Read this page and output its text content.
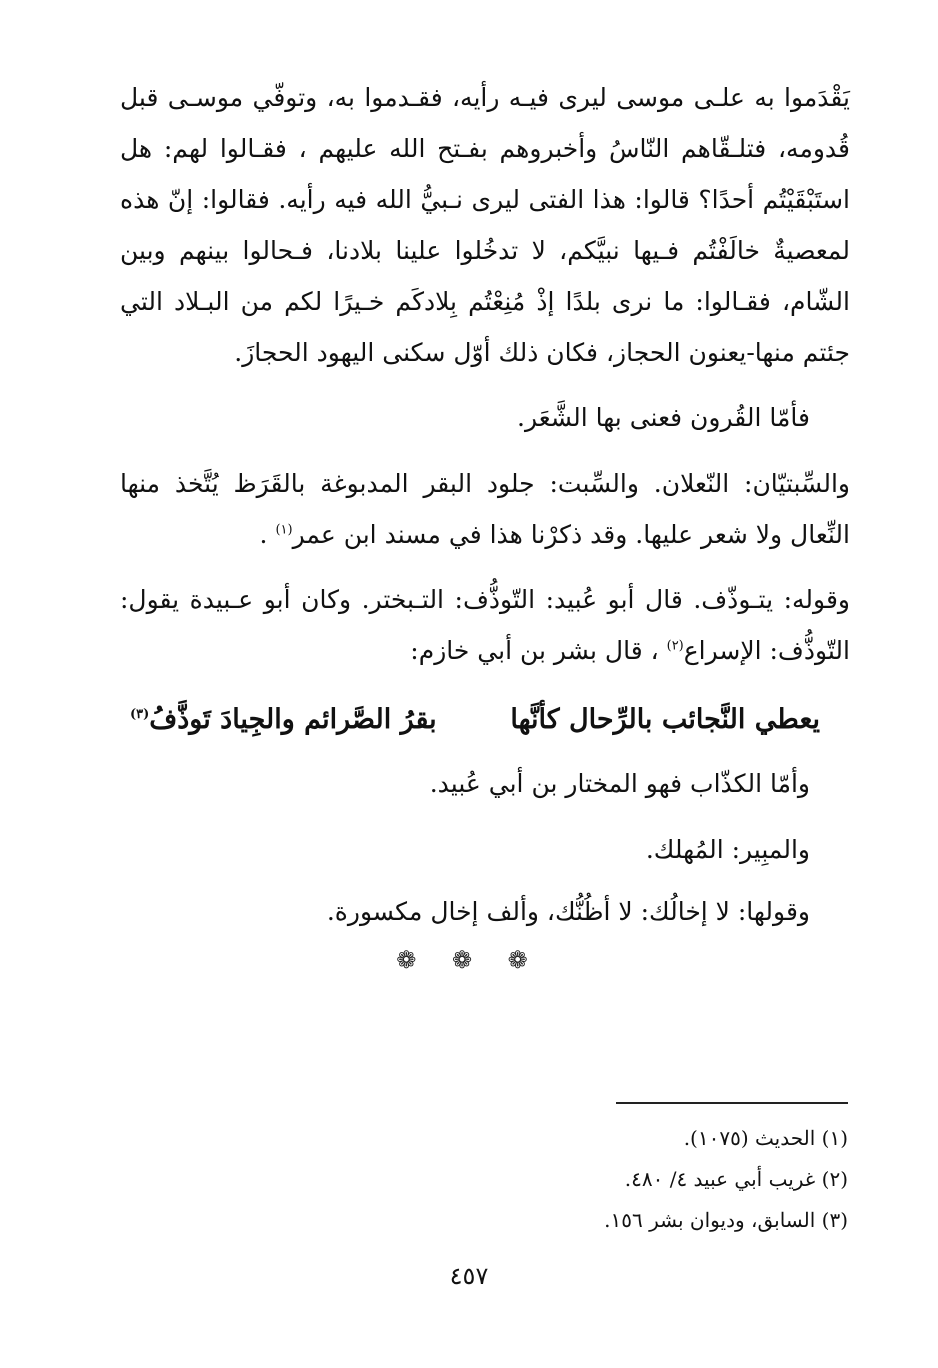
يَقْدَموا به علـى موسى ليرى فيـه رأيه، فقـدموا به، وتوفّي موسـى قبل قُدومه، فتلـقّاهم النّاسُ وأخبروهم بفـتح الله عليهم ، فقـالوا لهم: هل استَبْقَيْتُم أحدًا؟ قالوا: هذا الفتى ليرى نـبيُّ الله فيه رأيه. فقالوا: إنّ هذه لمعصيةٌ خالَفْتُم فـيها نبيَّكم، لا تدخُلوا علينا بلادنا، فـحالوا بينهم وبين الشّام، فقـالوا: ما نرى بلدًا إذْ مُنِعْتُم بِلادكَم خـيرًا لكم من البـلاد التي جئتم منها-يعنون الحجاز، فكان ذلك أوّل سكنى اليهود الحجازَ.
فأمّا القُرون فعنى بها الشَّعَر.
والسِّبتيّان: النّعلان. والسِّبت: جلود البقر المدبوغة بالقَرَظ يُتَّخذ منها النِّعال ولا شعر عليها. وقد ذكرْنا هذا في مسند ابن عمر$^{(١)}$ .
وقوله: يتـوذّف. قال أبو عُبيد: التّوذُّف: التـبختر. وكان أبو عـبيدة يقول: التّوذُّف: الإسراع$^{(٢)}$ ، قال بشر بن أبي خازم:
يعطي النَّجائب بالرِّحال كأنَّها
بقرُ الصَّرائم والجِيادَ تَوذَّفُ$^{(٣)}$
وأمّا الكذّاب فهو المختار بن أبي عُبيد.
والمبِير: المُهلك.
وقولها: لا إخالُك: لا أظُنُّك، وألف إخال مكسورة.
❁ ❁ ❁
(١) الحديث (١٠٧٥).
(٢) غريب أبي عبيد ٤/ ٤٨٠.
(٣) السابق، وديوان بشر ١٥٦.
٤٥٧
